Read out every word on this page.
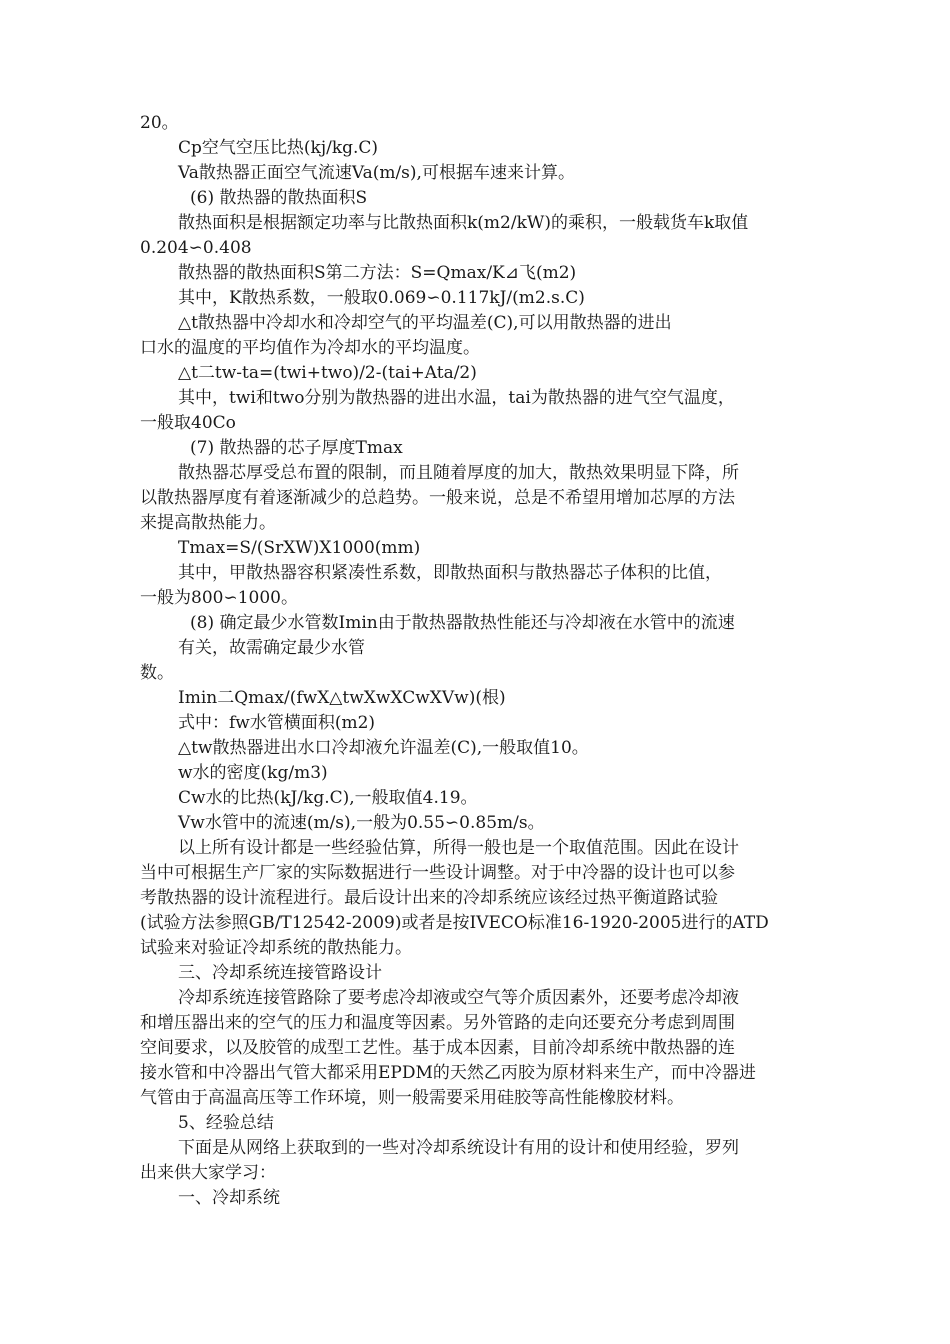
20。

Cp空气空压比热(kj/kg.C)

Va散热器正面空气流速Va(m/s),可根据车速来计算。

(6) 散热器的散热面积S

散热面积是根据额定功率与比散热面积k(m2/kW)的乘积，一般载货车k取值

0.204∽0.408

散热器的散热面积S第二方法：S=Qmax/K⊿飞(m2)

其中，K散热系数，一般取0.069∽0.117kJ/(m2.s.C)

△t散热器中冷却水和冷却空气的平均温差(C),可以用散热器的进出

口水的温度的平均值作为冷却水的平均温度。

△t二tw-ta=(twi+two)/2-(tai+Ata/2)

其中，twi和two分别为散热器的进出水温，tai为散热器的进气空气温度，

一般取40Co

(7) 散热器的芯子厚度Tmax

散热器芯厚受总布置的限制，而且随着厚度的加大，散热效果明显下降，所

以散热器厚度有着逐渐减少的总趋势。一般来说，总是不希望用增加芯厚的方法

来提高散热能力。

Tmax=S/(SrXW)X1000(mm)

其中，甲散热器容积紧凑性系数，即散热面积与散热器芯子体积的比值，

一般为800∽1000。

(8) 确定最少水管数Imin由于散热器散热性能还与冷却液在水管中的流速

有关，故需确定最少水管

数。

Imin二Qmax/(fwX△twXwXCwXVw)(根)

式中：fw水管横面积(m2)

△tw散热器进出水口冷却液允许温差(C),一般取值10。

w水的密度(kg/m3)

Cw水的比热(kJ/kg.C),一般取值4.19。

Vw水管中的流速(m/s),一般为0.55∽0.85m/s。

以上所有设计都是一些经验估算，所得一般也是一个取值范围。因此在设计

当中可根据生产厂家的实际数据进行一些设计调整。对于中冷器的设计也可以参

考散热器的设计流程进行。最后设计出来的冷却系统应该经过热平衡道路试验

(试验方法参照GB/T12542-2009)或者是按IVECO标准16-1920-2005进行的ATD

试验来对验证冷却系统的散热能力。

三、冷却系统连接管路设计

冷却系统连接管路除了要考虑冷却液或空气等介质因素外，还要考虑冷却液

和增压器出来的空气的压力和温度等因素。另外管路的走向还要充分考虑到周围

空间要求，以及胶管的成型工艺性。基于成本因素，目前冷却系统中散热器的连

接水管和中冷器出气管大都采用EPDM的天然乙丙胶为原材料来生产，而中冷器进

气管由于高温高压等工作环境，则一般需要采用硅胶等高性能橡胶材料。

5、经验总结

下面是从网络上获取到的一些对冷却系统设计有用的设计和使用经验，罗列

出来供大家学习：

一、冷却系统
